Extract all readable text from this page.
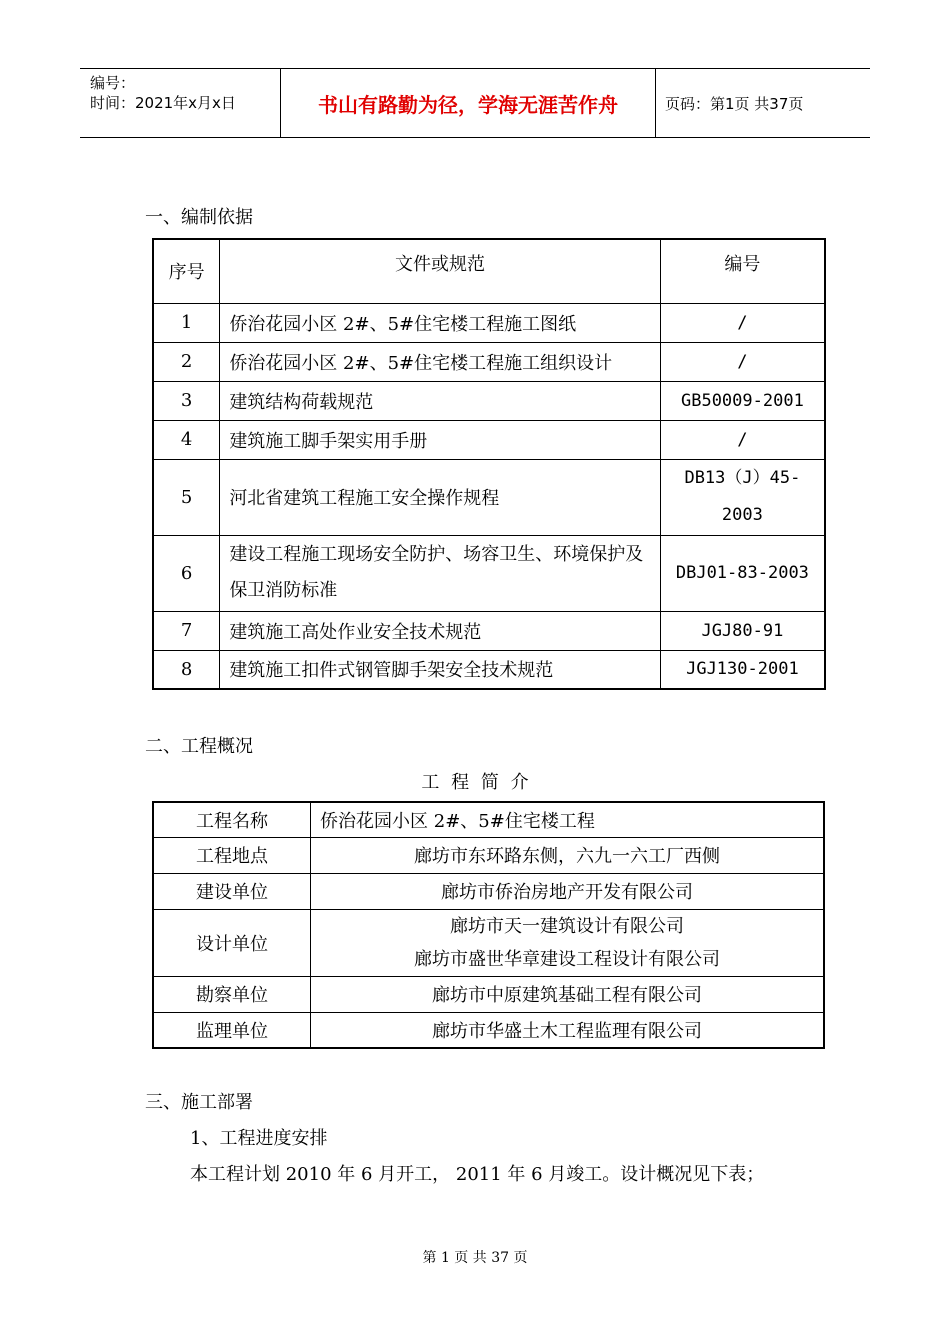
编号：
时间：2021年x月x日	书山有路勤为径，学海无涯苦作舟	页码：第1页 共37页
一、编制依据
序号	文件或规范	编号
1	侨治花园小区 2#、5#住宅楼工程施工图纸	/
2	侨治花园小区 2#、5#住宅楼工程施工组织设计	/
3	建筑结构荷载规范	GB50009-2001
4	建筑施工脚手架实用手册	/
5	河北省建筑工程施工安全操作规程	DB13（J）45-2003
6	建设工程施工现场安全防护、场容卫生、环境保护及保卫消防标准	DBJ01-83-2003
7	建筑施工高处作业安全技术规范	JGJ80-91
8	建筑施工扣件式钢管脚手架安全技术规范	JGJ130-2001
二、工程概况
工 程 简 介
工程名称	侨治花园小区 2#、5#住宅楼工程
工程地点	廊坊市东环路东侧，六九一六工厂西侧
建设单位	廊坊市侨治房地产开发有限公司
设计单位	廊坊市天一建筑设计有限公司
廊坊市盛世华章建设工程设计有限公司

勘察单位	廊坊市中原建筑基础工程有限公司
监理单位	廊坊市华盛土木工程监理有限公司
三、施工部署
1、工程进度安排
本工程计划 2010 年 6 月开工， 2011 年 6 月竣工。设计概况见下表；
第 1 页 共 37 页
